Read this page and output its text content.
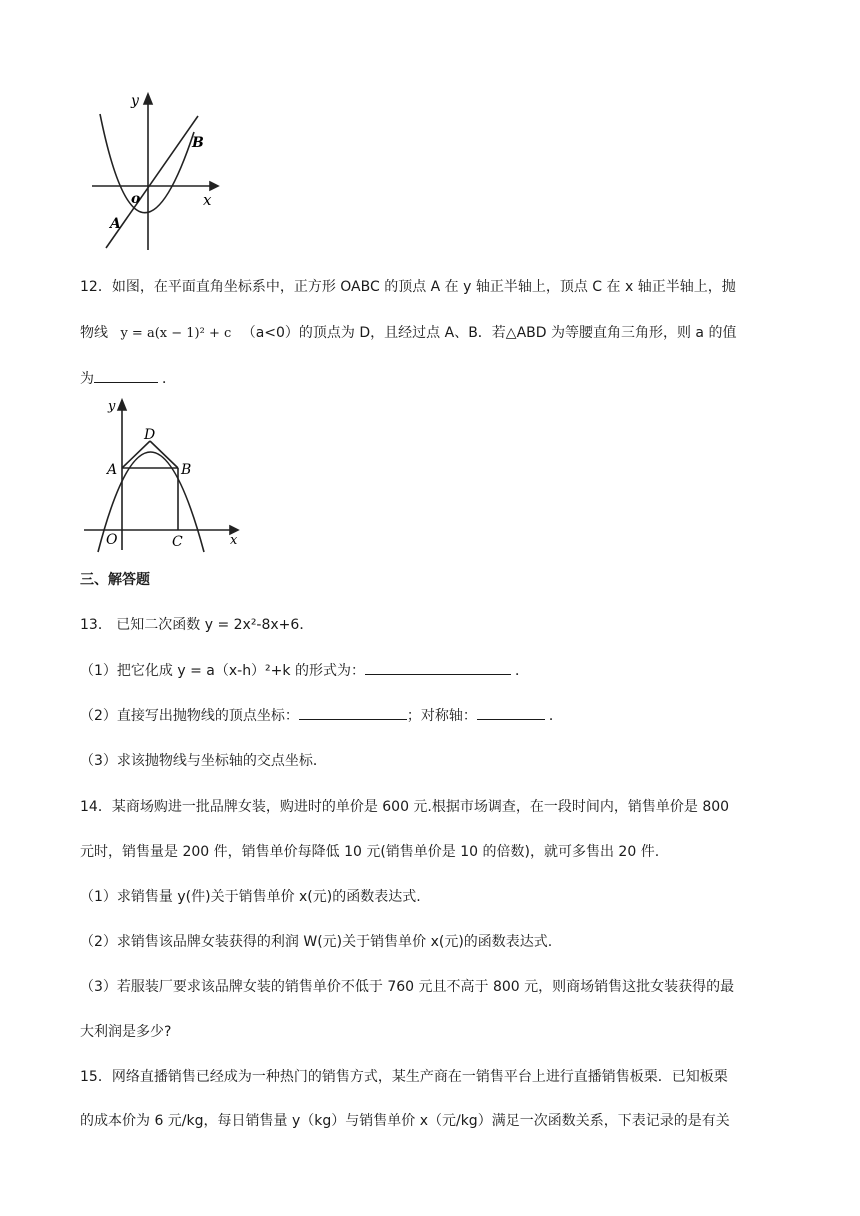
y
x
o
A
B
12．如图，在平面直角坐标系中，正方形 OABC 的顶点 A 在 y 轴正半轴上，顶点 C 在 x 轴正半轴上，抛
物线 y = a(x − 1)² + c （a<0）的顶点为 D，且经过点 A、B．若△ABD 为等腰直角三角形，则 a 的值
为	．
y
x
D
A	B
O	C
三、解答题
13． 已知二次函数 y = 2x²-8x+6．
（1）把它化成 y = a（x-h）²+k 的形式为：	．
（2）直接写出抛物线的顶点坐标：	；对称轴：	．
（3）求该抛物线与坐标轴的交点坐标．
14．某商场购进一批品牌女装，购进时的单价是 600 元.根据市场调查，在一段时间内，销售单价是 800
元时，销售量是 200 件，销售单价每降低 10 元(销售单价是 10 的倍数)，就可多售出 20 件.
（1）求销售量 y(件)关于销售单价 x(元)的函数表达式.
（2）求销售该品牌女装获得的利润 W(元)关于销售单价 x(元)的函数表达式.
（3）若服装厂要求该品牌女装的销售单价不低于 760 元且不高于 800 元，则商场销售这批女装获得的最
大利润是多少?
15．网络直播销售已经成为一种热门的销售方式，某生产商在一销售平台上进行直播销售板栗．已知板栗
的成本价为 6 元/kg，每日销售量 y（kg）与销售单价 x（元/kg）满足一次函数关系，下表记录的是有关
